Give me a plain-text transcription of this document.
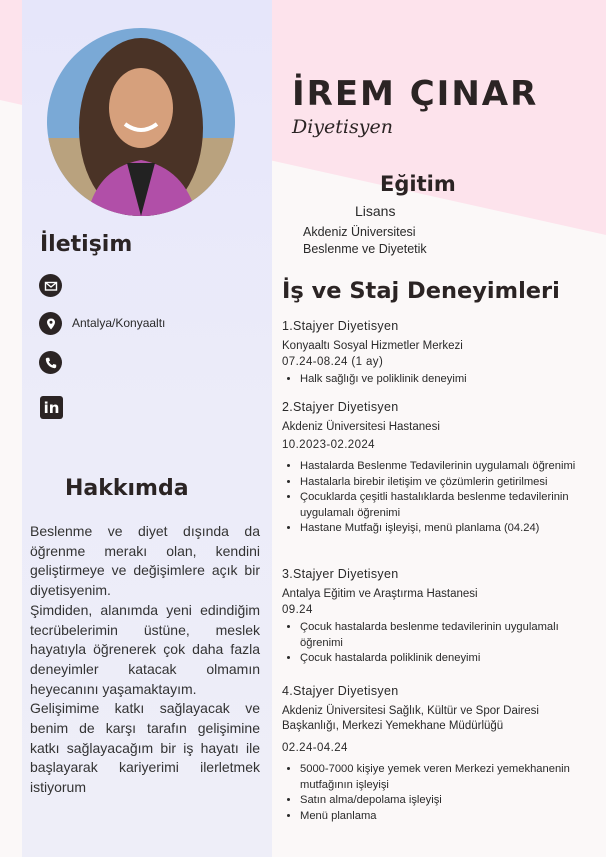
İREM ÇINAR
Diyetisyen
Eğitim
Lisans
Akdeniz Üniversitesi
Beslenme ve Diyetetik
İletişim
Antalya/Konyaaltı
in
Hakkımda

Beslenme ve diyet dışında da öğrenme merakı olan, kendini geliştirmeye ve değişimlere açık bir diyetisyenim.

Şimdiden, alanımda yeni edindiğim tecrübelerimin üstüne, meslek hayatıyla öğrenerek çok daha fazla deneyimler katacak olmamın heyecanını yaşamaktayım.

Gelişimime katkı sağlayacak ve benim de karşı tarafın gelişimine katkı sağlayacağım bir iş hayatı ile başlayarak kariyerimi ilerletmek istiyorum

İş ve Staj Deneyimleri
1.Stajyer Diyetisyen
Konyaaltı Sosyal Hizmetler Merkezi
07.24-08.24 (1 ay)
• Halk sağlığı ve poliklinik deneyimi
2.Stajyer Diyetisyen
Akdeniz Üniversitesi Hastanesi
10.2023-02.2024
• Hastalarda Beslenme Tedavilerinin uygulamalı öğrenimi
• Hastalarla birebir iletişim ve çözümlerin getirilmesi
• Çocuklarda çeşitli hastalıklarda beslenme tedavilerinin uygulamalı öğrenimi
• Hastane Mutfağı işleyişi, menü planlama (04.24)
3.Stajyer Diyetisyen
Antalya Eğitim ve Araştırma Hastanesi
09.24
• Çocuk hastalarda beslenme tedavilerinin uygulamalı öğrenimi
• Çocuk hastalarda poliklinik deneyimi
4.Stajyer Diyetisyen
Akdeniz Üniversitesi Sağlık, Kültür ve Spor Dairesi Başkanlığı, Merkezi Yemekhane Müdürlüğü
02.24-04.24
• 5000-7000 kişiye yemek veren Merkezi yemekhanenin mutfağının işleyişi
• Satın alma/depolama işleyişi
• Menü planlama
